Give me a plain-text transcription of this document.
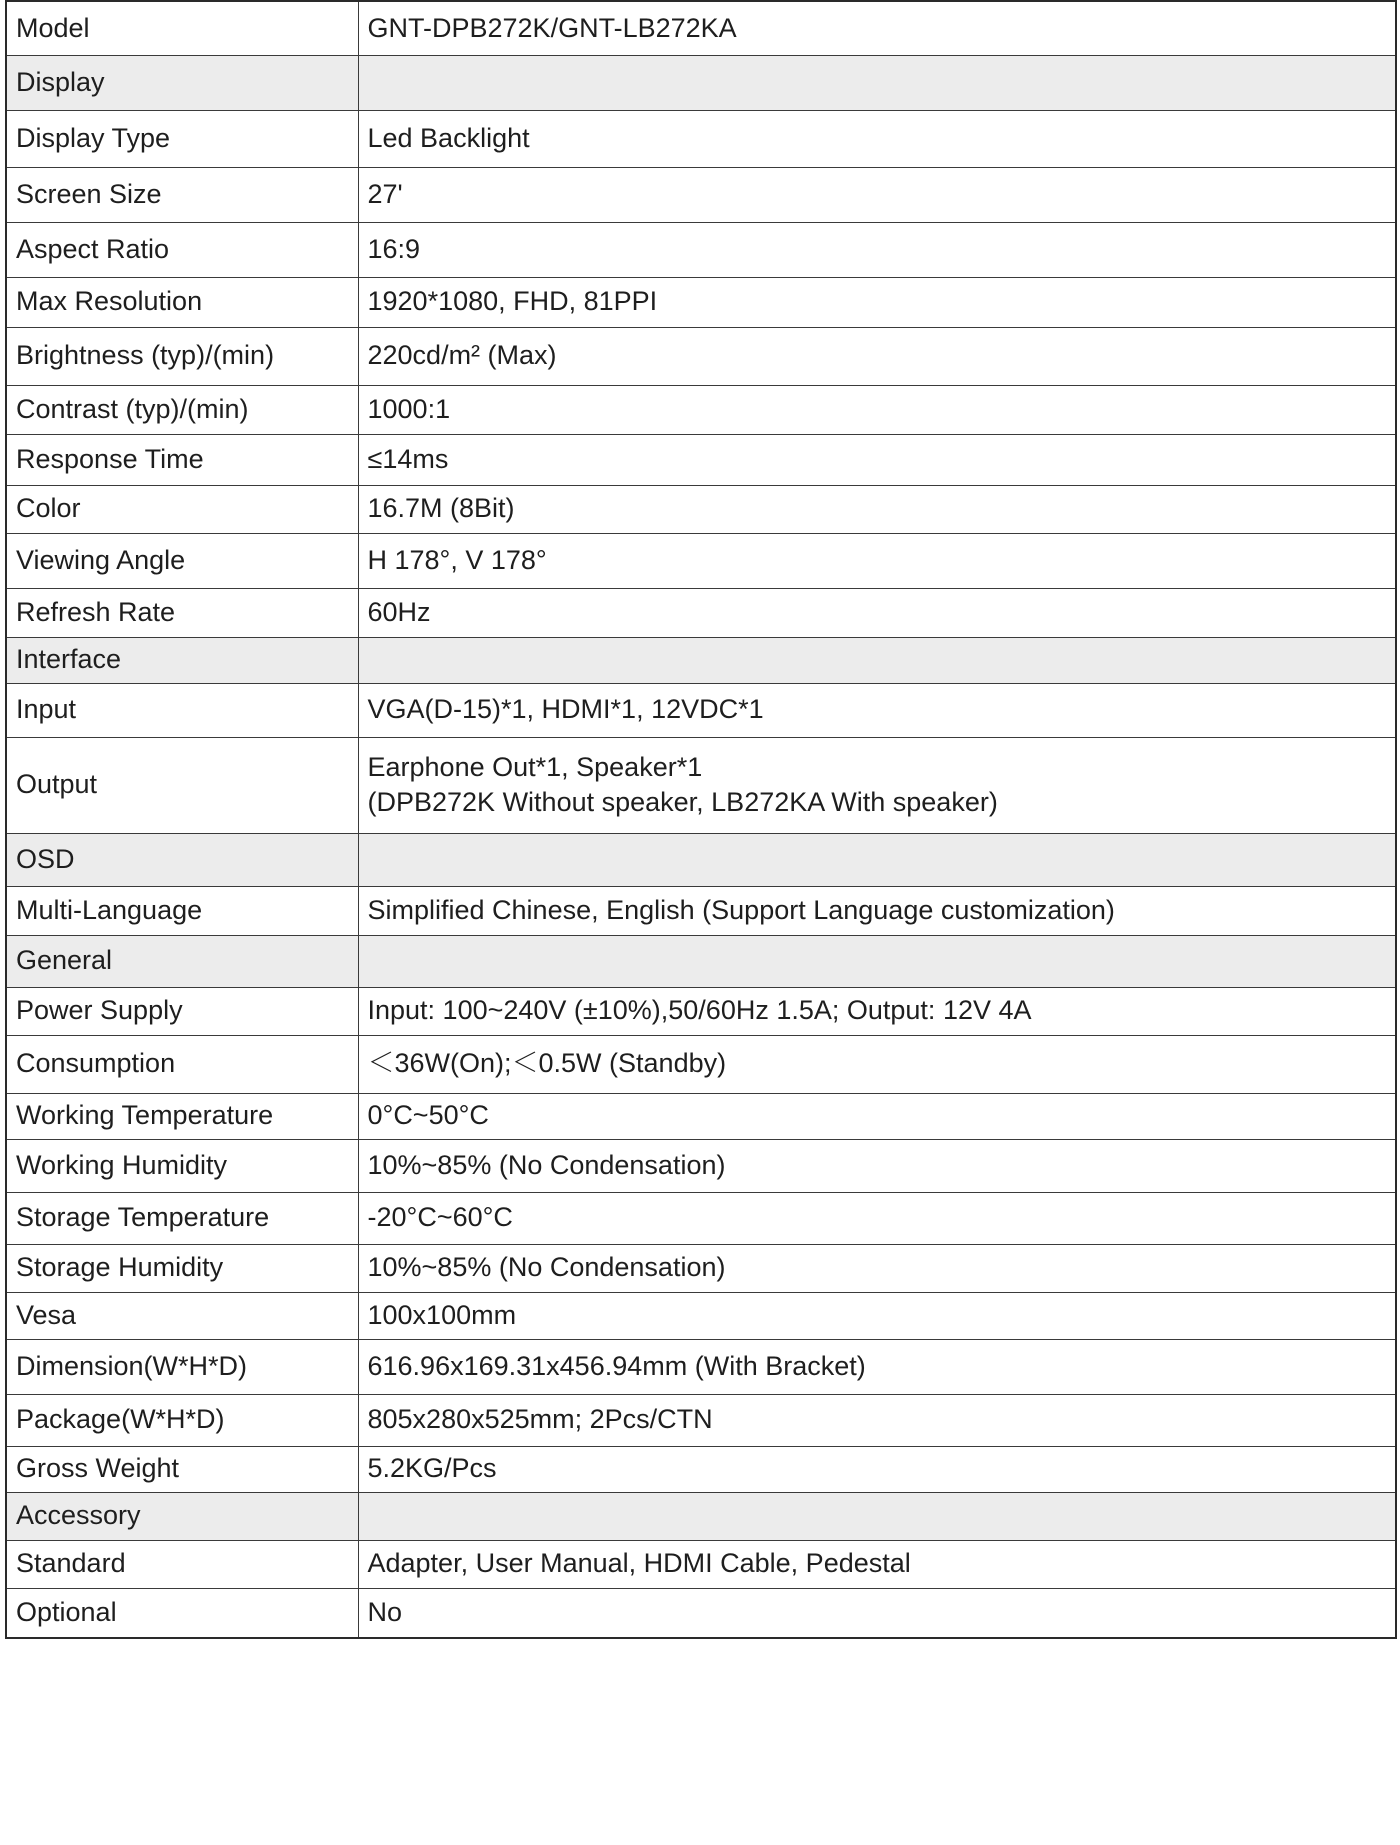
Model	GNT-DPB272K/GNT-LB272KA
Display	
Display Type	Led Backlight
Screen Size	27'
Aspect Ratio	16:9
Max Resolution	1920*1080, FHD, 81PPI
Brightness (typ)/(min)	220cd/m² (Max)
Contrast (typ)/(min)	1000:1
Response Time	≤14ms
Color	16.7M (8Bit)
Viewing Angle	H 178°, V 178°
Refresh Rate	60Hz
Interface	
Input	VGA(D-15)*1, HDMI*1, 12VDC*1
Output	Earphone Out*1, Speaker*1
(DPB272K Without speaker, LB272KA With speaker)

OSD	
Multi-Language	Simplified Chinese, English (Support Language customization)
General	
Power Supply	Input: 100~240V (±10%),50/60Hz 1.5A; Output: 12V 4A
Consumption	＜36W(On);＜0.5W (Standby)
Working Temperature	0°C~50°C
Working Humidity	10%~85% (No Condensation)
Storage Temperature	-20°C~60°C
Storage Humidity	10%~85% (No Condensation)
Vesa	100x100mm
Dimension(W*H*D)	616.96x169.31x456.94mm (With Bracket)
Package(W*H*D)	805x280x525mm; 2Pcs/CTN
Gross Weight	5.2KG/Pcs
Accessory	
Standard	Adapter, User Manual, HDMI Cable, Pedestal
Optional	No
